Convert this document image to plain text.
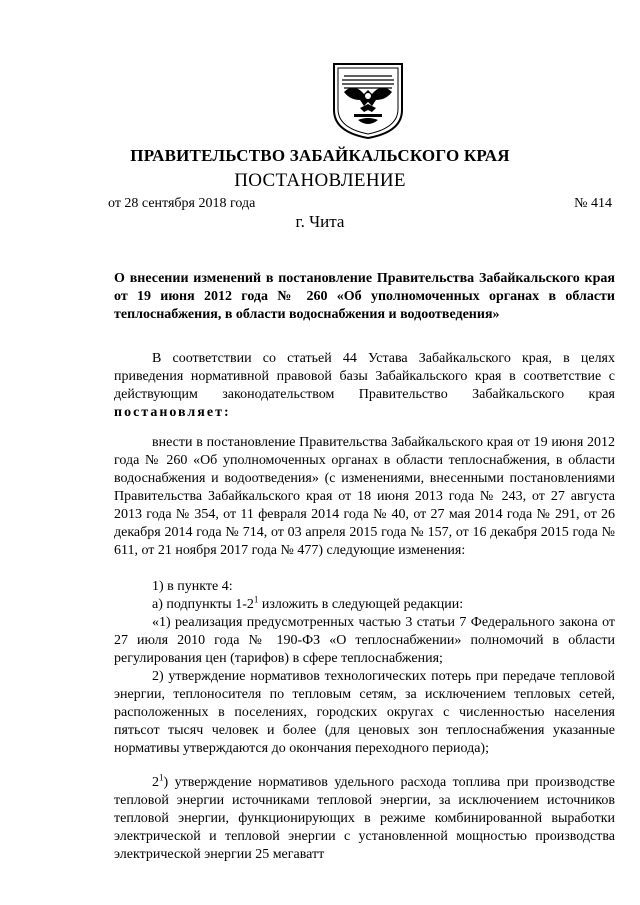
ПРАВИТЕЛЬСТВО ЗАБАЙКАЛЬСКОГО КРАЯ
ПОСТАНОВЛЕНИЕ
от 28 сентября 2018 года	№ 414
г. Чита
О внесении изменений в постановление Правительства Забайкальского края от 19 июня 2012 года № 260 «Об уполномоченных органах в области теплоснабжения, в области водоснабжения и водоотведения»
В соответствии со статьей 44 Устава Забайкальского края, в целях приведения нормативной правовой базы Забайкальского края в соответствие с действующим законодательством Правительство Забайкальского края постановляет:
внести в постановление Правительства Забайкальского края от 19 июня 2012 года № 260 «Об уполномоченных органах в области теплоснабжения, в области водоснабжения и водоотведения» (с изменениями, внесенными постановлениями Правительства Забайкальского края от 18 июня 2013 года № 243, от 27 августа 2013 года № 354, от 11 февраля 2014 года № 40, от 27 мая 2014 года № 291, от 26 декабря 2014 года № 714, от 03 апреля 2015 года № 157, от 16 декабря 2015 года № 611, от 21 ноября 2017 года № 477) следующие изменения:
1) в пункте 4:
а) подпункты $1-2^1$ изложить в следующей редакции:
«1) реализация предусмотренных частью 3 статьи 7 Федерального закона от 27 июля 2010 года № 190-ФЗ «О теплоснабжении» полномочий в области регулирования цен (тарифов) в сфере теплоснабжения;
2) утверждение нормативов технологических потерь при передаче тепловой энергии, теплоносителя по тепловым сетям, за исключением тепловых сетей, расположенных в поселениях, городских округах с численностью населения пятьсот тысяч человек и более (для ценовых зон теплоснабжения указанные нормативы утверждаются до окончания переходного периода);
$2^1$) утверждение нормативов удельного расхода топлива при производстве тепловой энергии источниками тепловой энергии, за исключением источников тепловой энергии, функционирующих в режиме комбинированной выработки электрической и тепловой энергии с установленной мощностью производства электрической энергии 25 мегаватт
